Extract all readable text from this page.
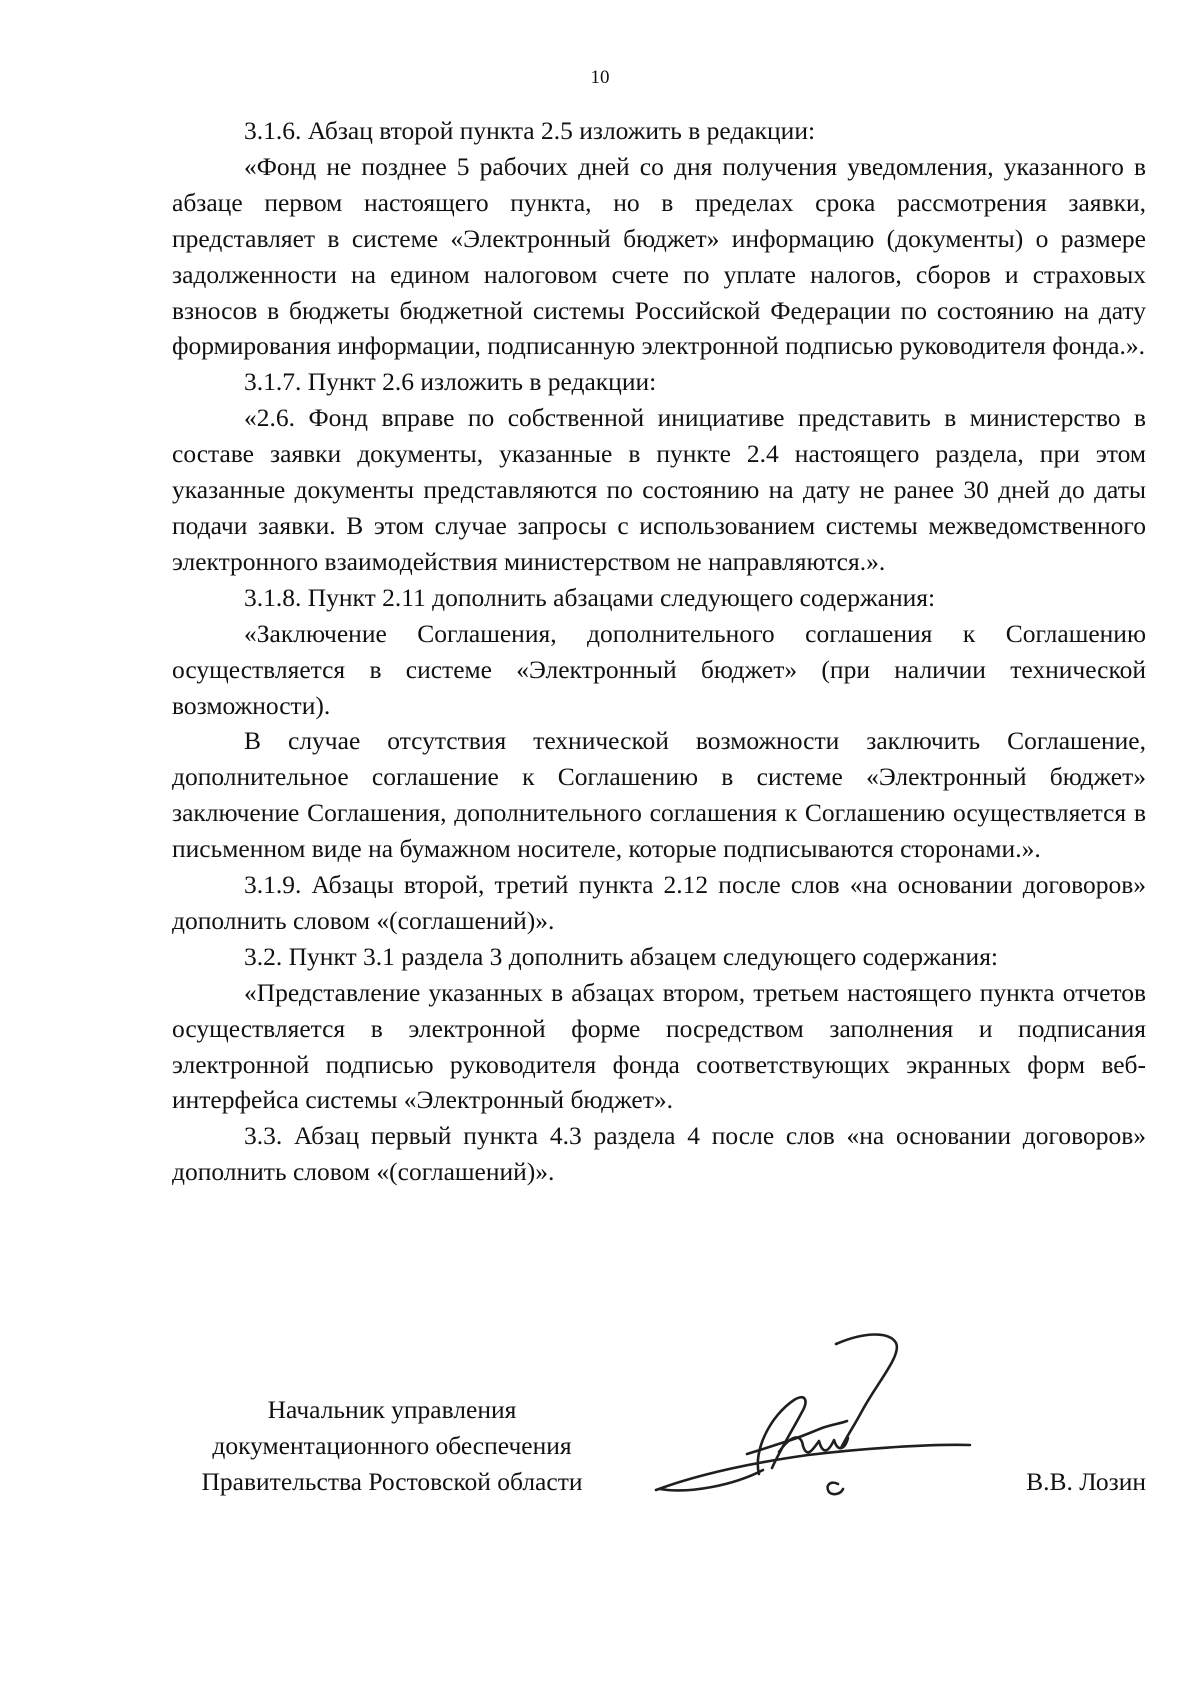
10

3.1.6. Абзац второй пункта 2.5 изложить в редакции:

«Фонд не позднее 5 рабочих дней со дня получения уведомления, указанного в абзаце первом настоящего пункта, но в пределах срока рассмотрения заявки, представляет в системе «Электронный бюджет» информацию (документы) о размере задолженности на едином налоговом счете по уплате налогов, сборов и страховых взносов в бюджеты бюджетной системы Российской Федерации по состоянию на дату формирования информации, подписанную электронной подписью руководителя фонда.».

3.1.7. Пункт 2.6 изложить в редакции:

«2.6. Фонд вправе по собственной инициативе представить в министерство в составе заявки документы, указанные в пункте 2.4 настоящего раздела, при этом указанные документы представляются по состоянию на дату не ранее 30 дней до даты подачи заявки. В этом случае запросы с использованием системы межведомственного электронного взаимодействия министерством не направляются.».

3.1.8. Пункт 2.11 дополнить абзацами следующего содержания:

«Заключение Соглашения, дополнительного соглашения к Соглашению осуществляется в системе «Электронный бюджет» (при наличии технической возможности).

В случае отсутствия технической возможности заключить Соглашение, дополнительное соглашение к Соглашению в системе «Электронный бюджет» заключение Соглашения, дополнительного соглашения к Соглашению осуществляется в письменном виде на бумажном носителе, которые подписываются сторонами.».

3.1.9. Абзацы второй, третий пункта 2.12 после слов «на основании договоров» дополнить словом «(соглашений)».

3.2. Пункт 3.1 раздела 3 дополнить абзацем следующего содержания:

«Представление указанных в абзацах втором, третьем настоящего пункта отчетов осуществляется в электронной форме посредством заполнения и подписания электронной подписью руководителя фонда соответствующих экранных форм веб-интерфейса системы «Электронный бюджет».

3.3. Абзац первый пункта 4.3 раздела 4 после слов «на основании договоров» дополнить словом «(соглашений)».

Начальник управления
документационного обеспечения
Правительства Ростовской области	В.В. Лозин
